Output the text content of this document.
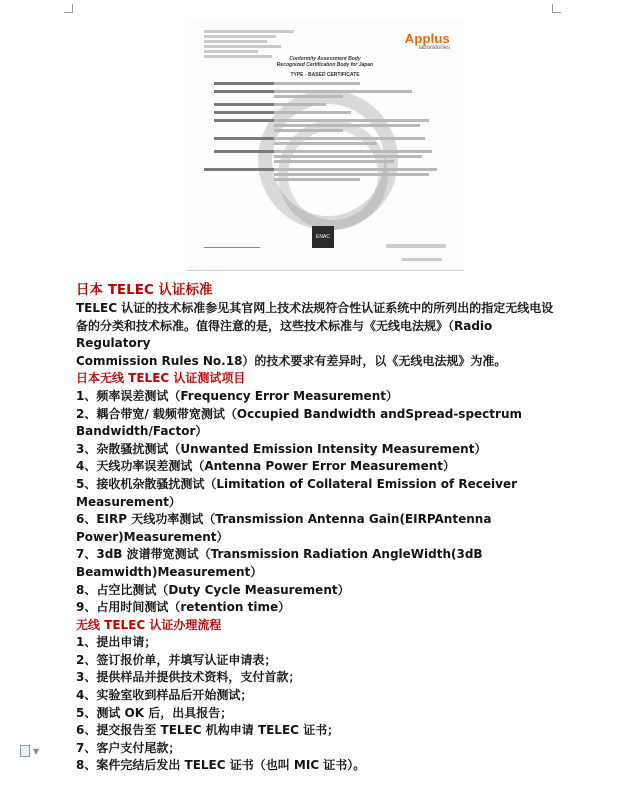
Applus
laboratories
Conformity Assessment Body
Recognized Certification Body for Japan
TYPE - BASED CERTIFICATE
ENAC

日本 TELEC 认证标准

TELEC 认证的技术标准参见其官网上技术法规符合性认证系统中的所列出的指定无线电设

备的分类和技术标准。值得注意的是，这些技术标准与《无线电法规》（Radio Regulatory

Commission Rules No.18）的技术要求有差异时，以《无线电法规》为准。

日本无线 TELEC 认证测试项目

1、频率误差测试（Frequency Error Measurement）

2、耦合带宽/ 载频带宽测试（Occupied Bandwidth andSpread-spectrum

Bandwidth/Factor）

3、杂散骚扰测试（Unwanted Emission Intensity Measurement）

4、天线功率误差测试（Antenna Power Error Measurement）

5、接收机杂散骚扰测试（Limitation of Collateral Emission of Receiver

Measurement）

6、EIRP 天线功率测试（Transmission Antenna Gain(EIRPAntenna

Power)Measurement）

7、3dB 波谱带宽测试（Transmission Radiation AngleWidth(3dB

Beamwidth)Measurement）

8、占空比测试（Duty Cycle Measurement）

9、占用时间测试（retention time）

无线 TELEC 认证办理流程

1、提出申请；

2、签订报价单，并填写认证申请表；

3、提供样品并提供技术资料，支付首款；

4、实验室收到样品后开始测试；

5、测试 OK 后，出具报告；

6、提交报告至 TELEC 机构申请 TELEC 证书；

7、客户支付尾款；

8、案件完结后发出 TELEC 证书（也叫 MIC 证书）。

▼
